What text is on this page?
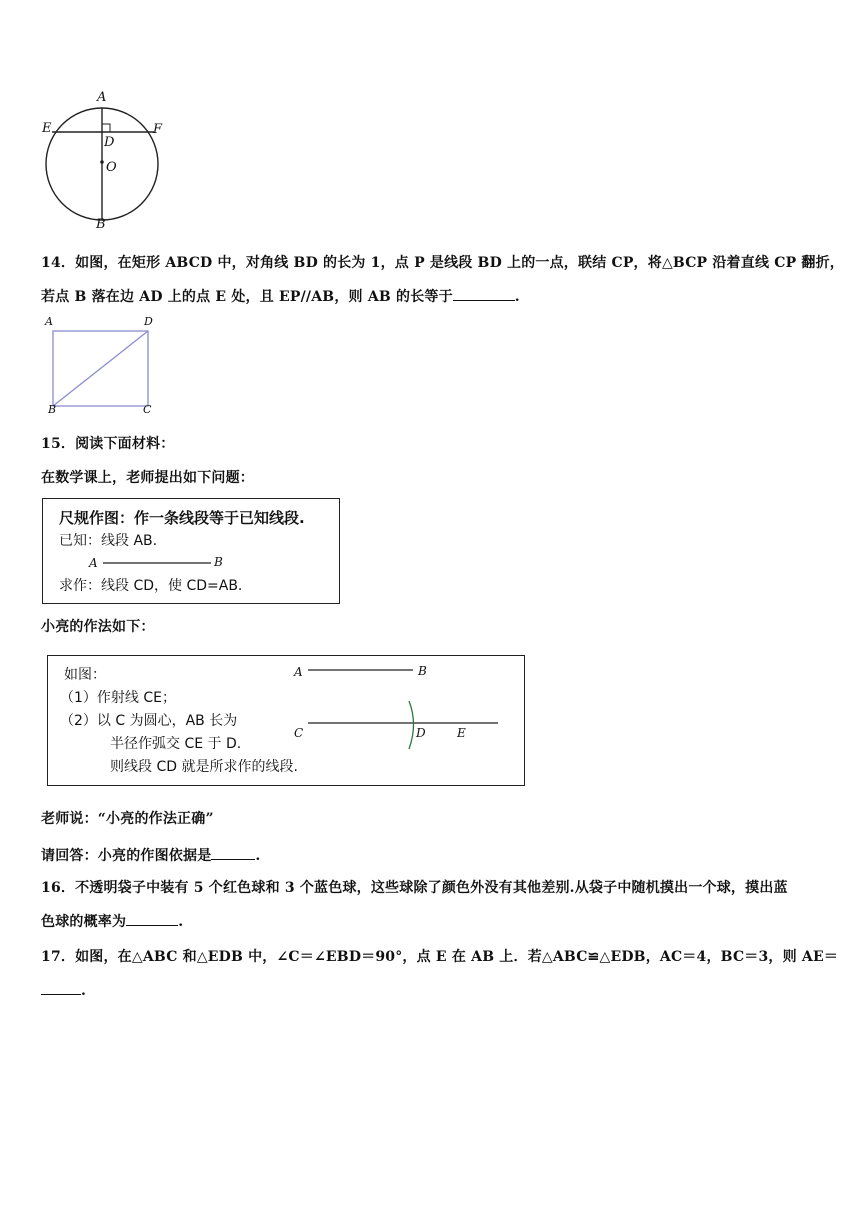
A
E	F
D
O
B
14．如图，在矩形 ABCD 中，对角线 BD 的长为 1，点 P 是线段 BD 上的一点，联结 CP，将△BCP 沿着直线 CP 翻折，
若点 B 落在边 AD 上的点 E 处，且 EP//AB，则 AB 的长等于	.
A	D
B	C
15．阅读下面材料：
在数学课上，老师提出如下问题：
尺规作图：作一条线段等于已知线段.
已知：线段 AB.
A	B
求作：线段 CD，使 CD=AB.
小亮的作法如下：
如图：
（1）作射线 CE；
（2）以 C 为圆心，AB 长为
半径作弧交 CE 于 D.
则线段 CD 就是所求作的线段.
A	B
C	D	E
老师说：“小亮的作法正确”
请回答：小亮的作图依据是	.
16．不透明袋子中装有 5 个红色球和 3 个蓝色球，这些球除了颜色外没有其他差别.从袋子中随机摸出一个球，摸出蓝
色球的概率为	.
17．如图，在△ABC 和△EDB 中，∠C＝∠EBD＝90°，点 E 在 AB 上．若△ABC≌△EDB，AC＝4，BC＝3，则 AE＝
.
